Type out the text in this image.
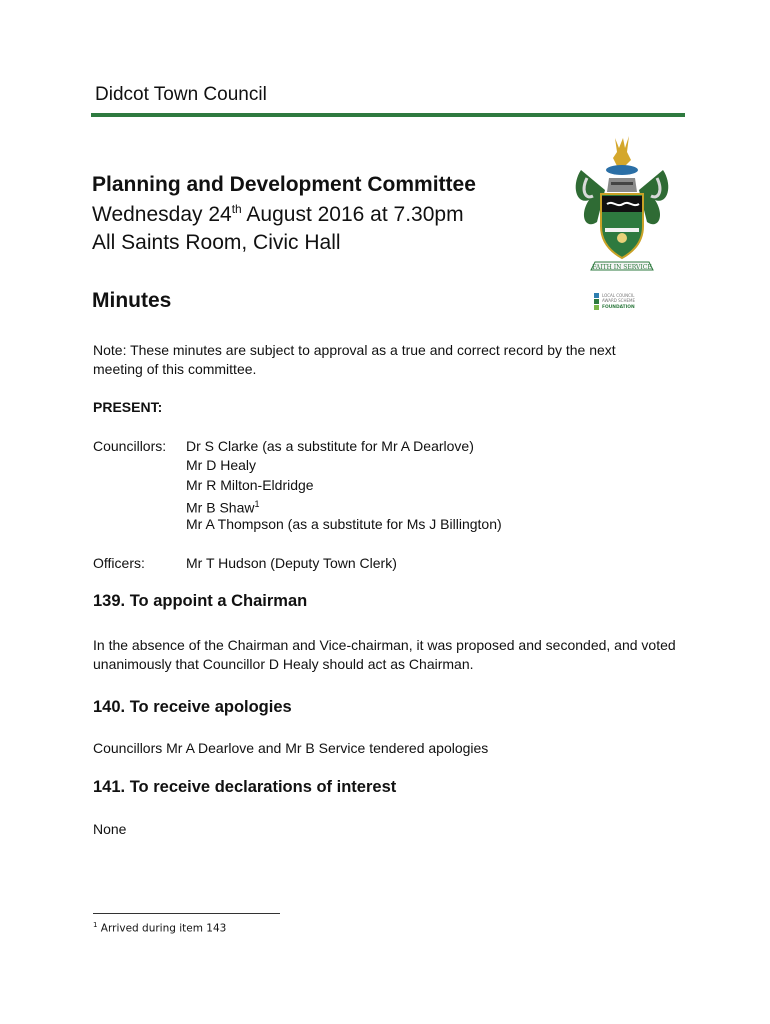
Didcot Town Council
FAITH IN SERVICE
LOCAL COUNCIL
AWARD SCHEME
FOUNDATION
Planning and Development Committee
Wednesday 24th August 2016 at 7.30pm
All Saints Room, Civic Hall
Minutes
Note: These minutes are subject to approval as a true and correct record by the next meeting of this committee.
PRESENT:
Councillors: Dr S Clarke (as a substitute for Mr A Dearlove)
Mr D Healy
Mr R Milton-Eldridge
Mr B Shaw$^1$
Mr A Thompson (as a substitute for Ms J Billington)
Officers:	Mr T Hudson (Deputy Town Clerk)
139. To appoint a Chairman
In the absence of the Chairman and Vice-chairman, it was proposed and seconded, and voted unanimously that Councillor D Healy should act as Chairman.
140. To receive apologies
Councillors Mr A Dearlove and Mr B Service tendered apologies
141. To receive declarations of interest
None
$^1$ Arrived during item 143
